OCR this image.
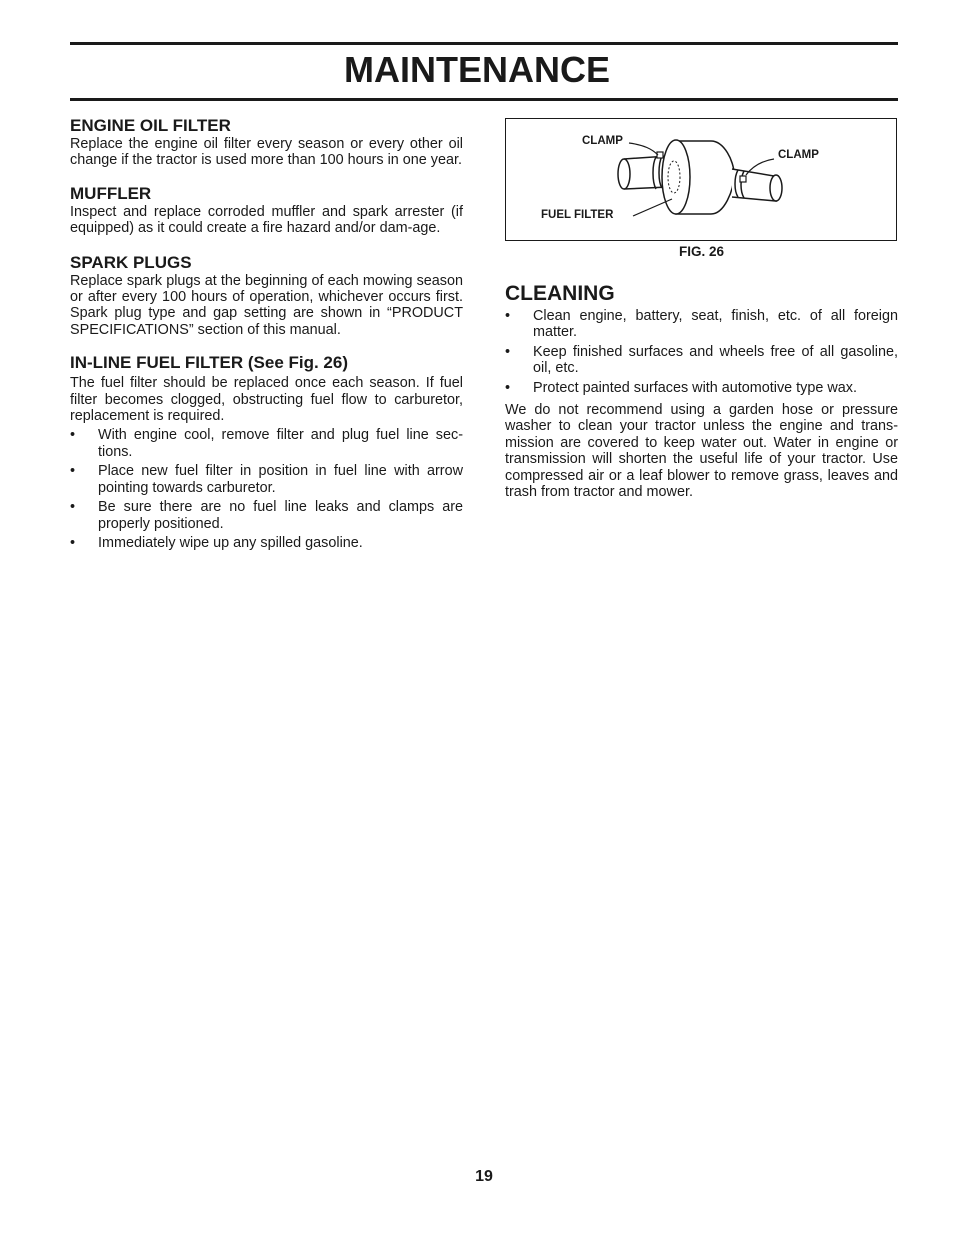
MAINTENANCE
ENGINE OIL FILTER

Replace the engine oil filter every season or every other oil change if the tractor is used more than 100 hours in one year.

MUFFLER

Inspect and replace corroded muffler and spark arrester (if equipped) as it could create a fire hazard and/or dam-age.

SPARK PLUGS

Replace spark plugs at the beginning of each mowing season or after every 100 hours of operation, whichever occurs first. Spark plug type and gap setting are shown in “PRODUCT SPECIFICATIONS” section of this manual.

IN-LINE FUEL FILTER (See Fig. 26)

The fuel filter should be replaced once each season. If fuel filter becomes clogged, obstructing fuel flow to carburetor, replacement is required.

• With engine cool, remove filter and plug fuel line sec-tions.
• Place new fuel filter in position in fuel line with arrow pointing towards carburetor.
• Be sure there are no fuel line leaks and clamps are properly positioned.
• Immediately wipe up any spilled gasoline.
CLAMP
CLAMP
FUEL FILTER
FIG. 26
CLEANING
• Clean engine, battery, seat, finish, etc. of all foreign matter.
• Keep finished surfaces and wheels free of all gasoline, oil, etc.
• Protect painted surfaces with automotive type wax.

We do not recommend using a garden hose or pressure washer to clean your tractor unless the engine and trans-mission are covered to keep water out. Water in engine or transmission will shorten the useful life of your tractor. Use compressed air or a leaf blower to remove grass, leaves and trash from tractor and mower.

19
